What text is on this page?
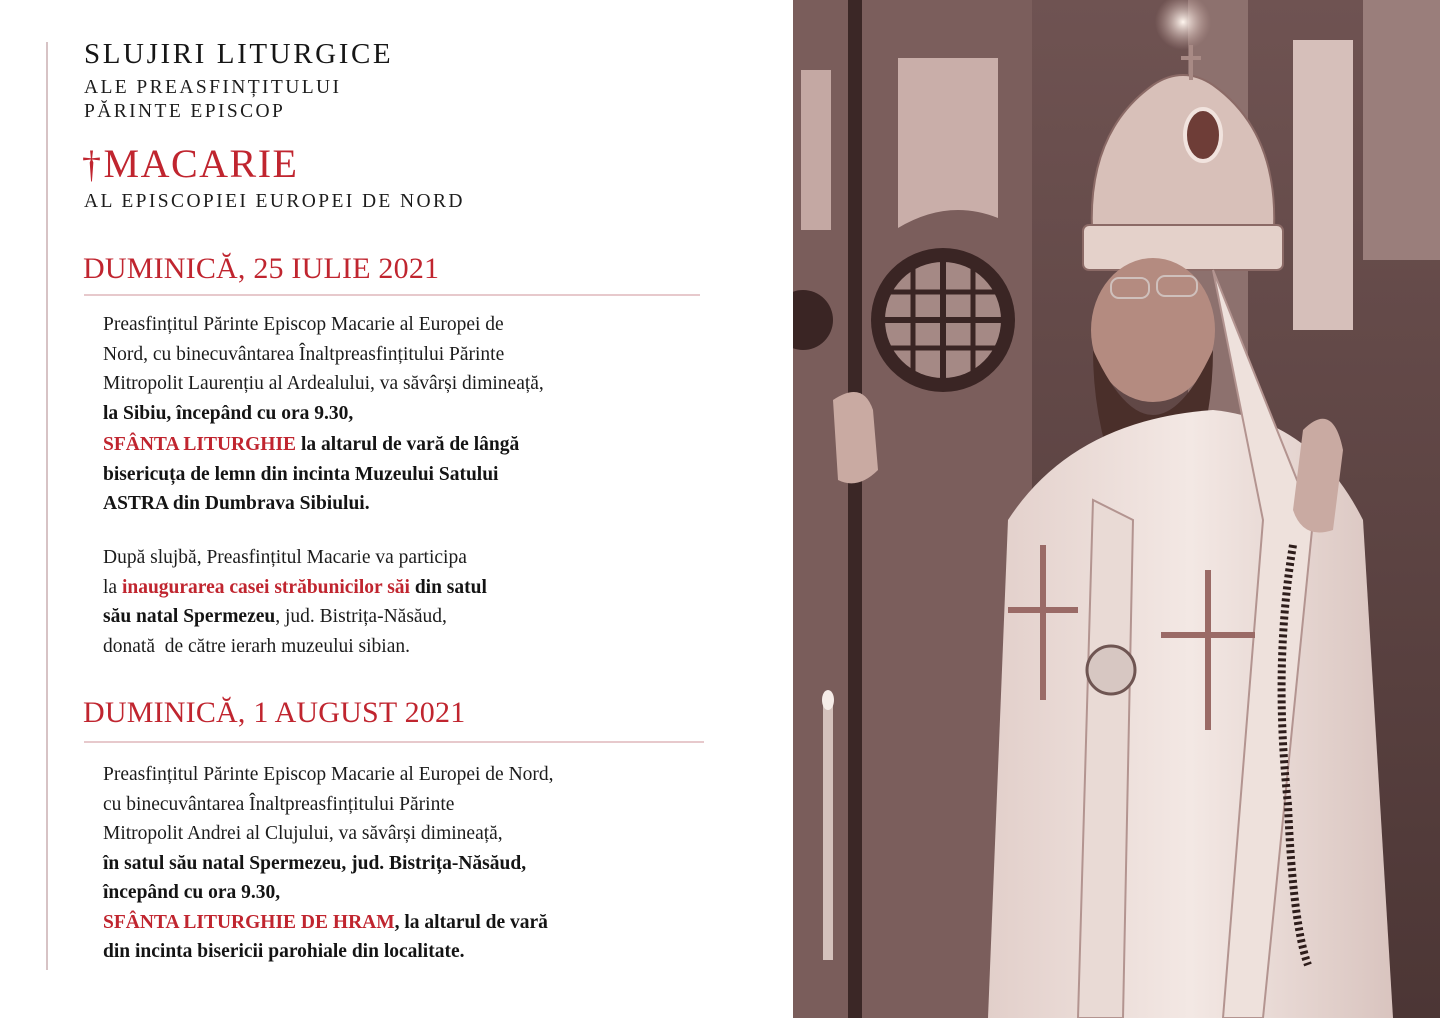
SLUJIRI LITURGICE
ALE PREASFINȚITULUI
PĂRINTE EPISCOP
†MACARIE
AL EPISCOPIEI EUROPEI DE NORD
DUMINICĂ, 25 IULIE 2021
Preasfințitul Părinte Episcop Macarie al Europei de
Nord, cu binecuvântarea Înaltpreasfințitului Părinte
Mitropolit Laurențiu al Ardealului, va săvârși dimineață,
la Sibiu, începând cu ora 9.30,
SFÂNTA LITURGHIE la altarul de vară de lângă
bisericuța de lemn din incinta Muzeului Satului
ASTRA din Dumbrava Sibiului.
După slujbă, Preasfințitul Macarie va participa
la inaugurarea casei străbunicilor săi din satul
său natal Spermezeu, jud. Bistrița-Năsăud,
donată  de către ierarh muzeului sibian.
DUMINICĂ, 1 AUGUST 2021
Preasfințitul Părinte Episcop Macarie al Europei de Nord,
cu binecuvântarea Înaltpreasfințitului Părinte
Mitropolit Andrei al Clujului, va săvârși dimineață,
în satul său natal Spermezeu, jud. Bistrița-Năsăud,
începând cu ora 9.30,
SFÂNTA LITURGHIE DE HRAM, la altarul de vară
din incinta bisericii parohiale din localitate.
